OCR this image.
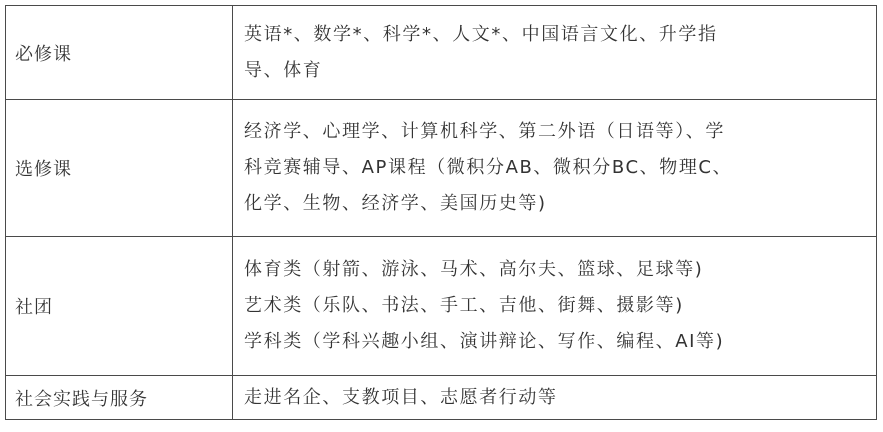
必修课	英语*、数学*、科学*、人文*、中国语言文化、升学指
导、体育

选修课	经济学、心理学、计算机科学、第二外语（日语等）、学
科竞赛辅导、AP课程（微积分AB、微积分BC、物理C、
化学、生物、经济学、美国历史等)

社团	体育类（射箭、游泳、马术、高尔夫、篮球、足球等)
艺术类（乐队、书法、手工、吉他、街舞、摄影等)
学科类（学科兴趣小组、演讲辩论、写作、编程、AI等)

社会实践与服务	走进名企、支教项目、志愿者行动等
